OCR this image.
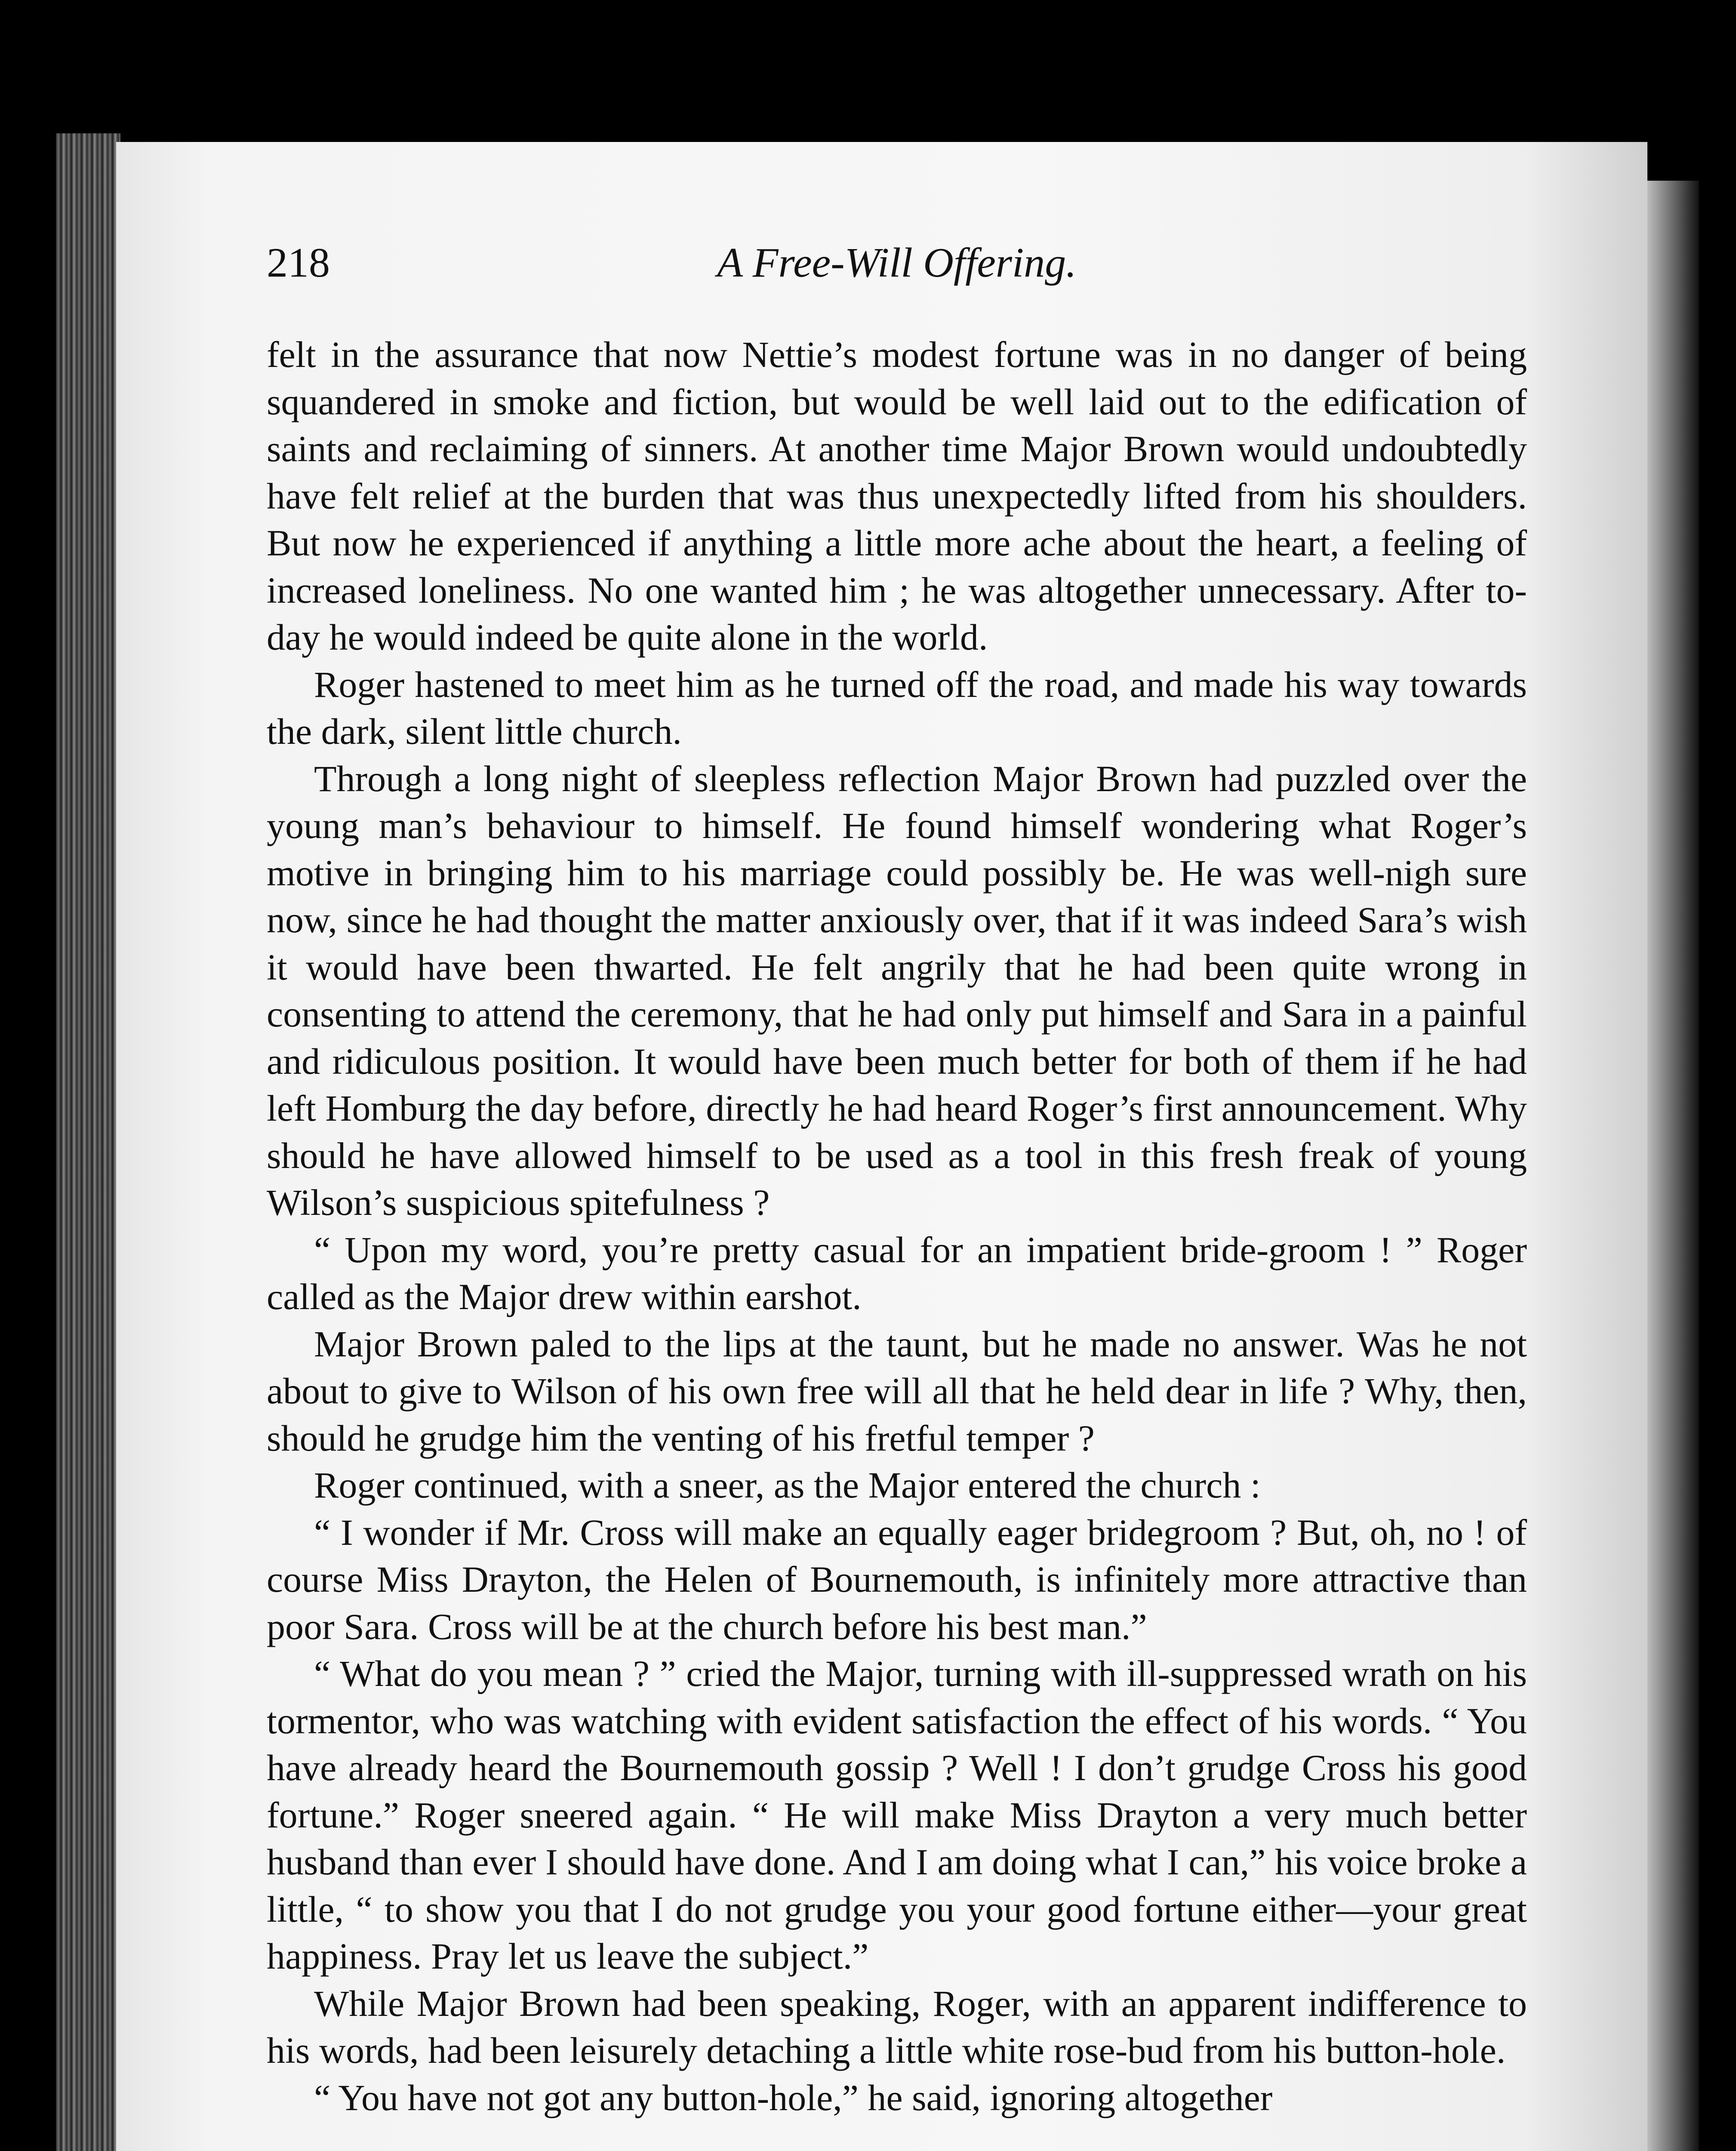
218	A Free-Will Offering.

felt in the assurance that now Nettie’s modest fortune was in no danger of being squandered in smoke and fiction, but would be well laid out to the edification of saints and reclaiming of sinners. At another time Major Brown would undoubtedly have felt relief at the burden that was thus unexpectedly lifted from his shoulders. But now he experienced if anything a little more ache about the heart, a feeling of increased loneliness. No one wanted him ; he was altogether unnecessary. After to-day he would indeed be quite alone in the world.

Roger hastened to meet him as he turned off the road, and made his way towards the dark, silent little church.

Through a long night of sleepless reflection Major Brown had puzzled over the young man’s behaviour to himself. He found himself wondering what Roger’s motive in bringing him to his marriage could possibly be. He was well-nigh sure now, since he had thought the matter anxiously over, that if it was indeed Sara’s wish it would have been thwarted. He felt angrily that he had been quite wrong in consenting to attend the ceremony, that he had only put himself and Sara in a painful and ridiculous position. It would have been much better for both of them if he had left Homburg the day before, directly he had heard Roger’s first announcement. Why should he have allowed himself to be used as a tool in this fresh freak of young Wilson’s suspicious spitefulness ?

“ Upon my word, you’re pretty casual for an impatient bride-groom ! ” Roger called as the Major drew within earshot.

Major Brown paled to the lips at the taunt, but he made no answer. Was he not about to give to Wilson of his own free will all that he held dear in life ? Why, then, should he grudge him the venting of his fretful temper ?

Roger continued, with a sneer, as the Major entered the church :

“ I wonder if Mr. Cross will make an equally eager bridegroom ? But, oh, no ! of course Miss Drayton, the Helen of Bournemouth, is infinitely more attractive than poor Sara. Cross will be at the church before his best man.”

“ What do you mean ? ” cried the Major, turning with ill-suppressed wrath on his tormentor, who was watching with evident satisfaction the effect of his words. “ You have already heard the Bournemouth gossip ? Well ! I don’t grudge Cross his good fortune.” Roger sneered again. “ He will make Miss Drayton a very much better husband than ever I should have done. And I am doing what I can,” his voice broke a little, “ to show you that I do not grudge you your good fortune either—your great happiness. Pray let us leave the subject.”

While Major Brown had been speaking, Roger, with an apparent indifference to his words, had been leisurely detaching a little white rose-bud from his button-hole.

“ You have not got any button-hole,” he said, ignoring altogether
